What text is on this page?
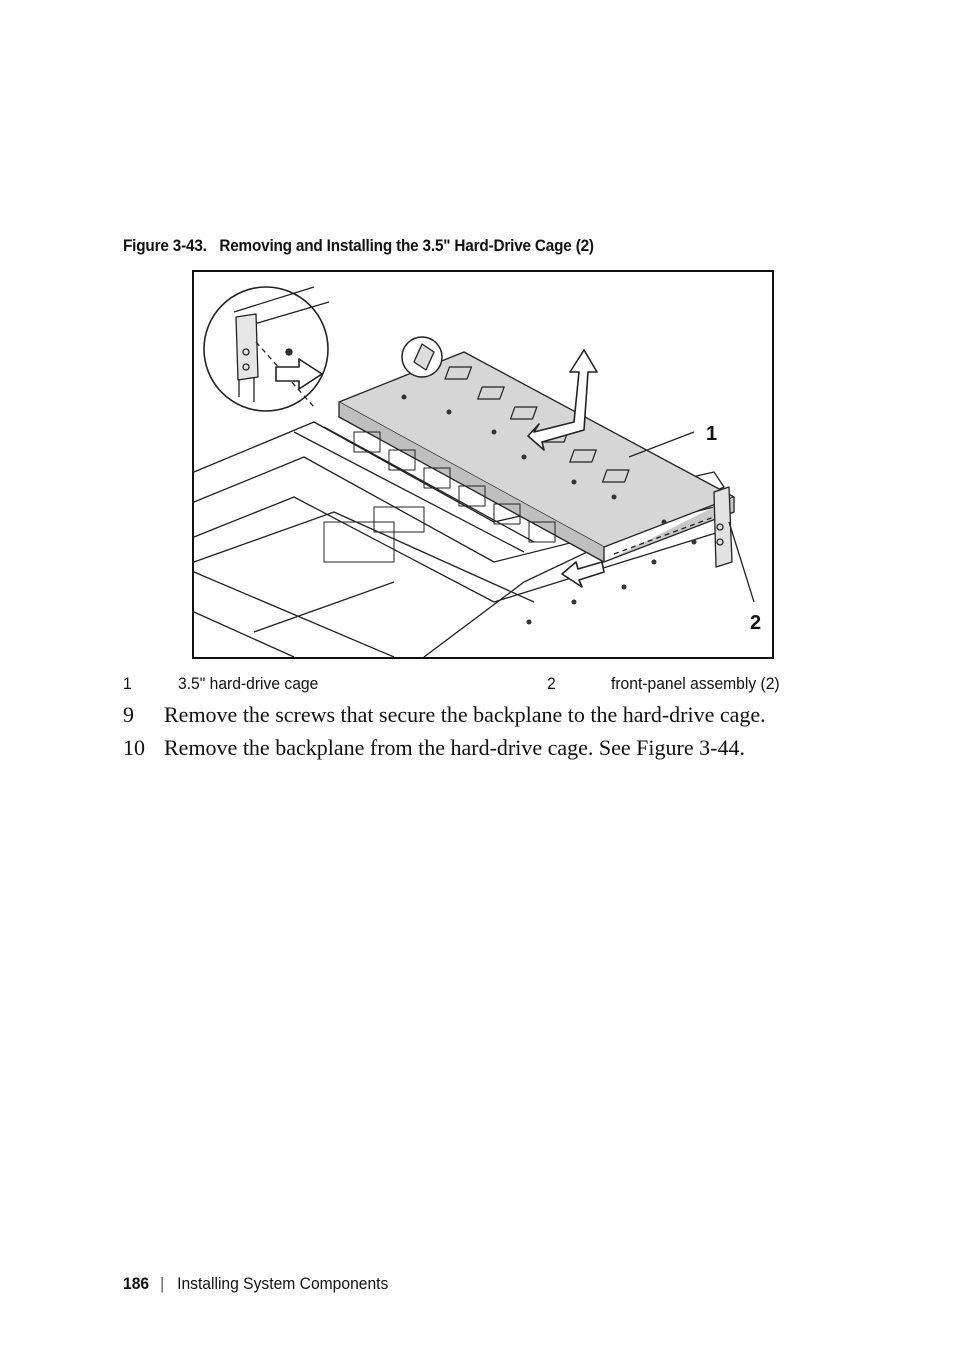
Figure 3-43. Removing and Installing the 3.5" Hard-Drive Cage (2)
1
2
1	3.5" hard-drive cage	2	front-panel assembly (2)
9 Remove the screws that secure the backplane to the hard-drive cage.
10 Remove the backplane from the hard-drive cage. See Figure 3-44.
186 | Installing System Components
